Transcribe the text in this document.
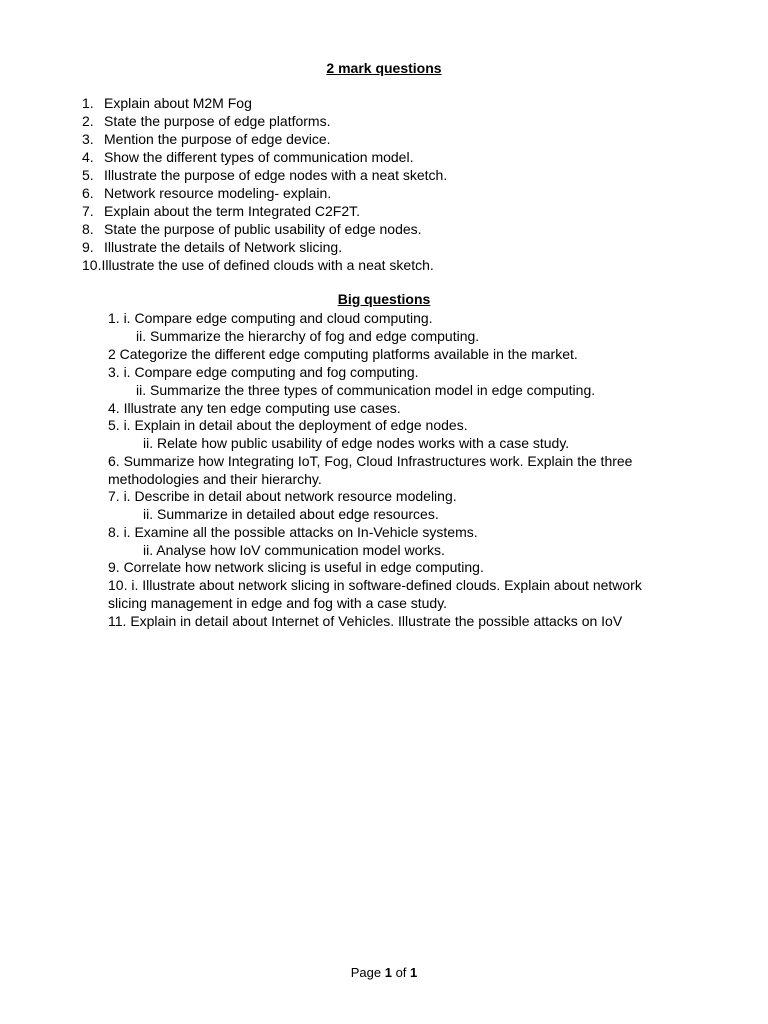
2 mark questions
1. Explain about M2M Fog
2. State the purpose of edge platforms.
3. Mention the purpose of edge device.
4. Show the different types of communication model.
5. Illustrate the purpose of edge nodes with a neat sketch.
6. Network resource modeling- explain.
7. Explain about the term Integrated C2F2T.
8. State the purpose of public usability of edge nodes.
9. Illustrate the details of Network slicing.
10.Illustrate the use of defined clouds with a neat sketch.
Big questions
1. i. Compare edge computing and cloud computing.
ii. Summarize the hierarchy of fog and edge computing.
2 Categorize the different edge computing platforms available in the market.
3. i. Compare edge computing and fog computing.
ii. Summarize the three types of communication model in edge computing.
4. Illustrate any ten edge computing use cases.
5. i. Explain in detail about the deployment of edge nodes.
ii. Relate how public usability of edge nodes works with a case study.
6. Summarize how Integrating IoT, Fog, Cloud Infrastructures work. Explain the three
methodologies and their hierarchy.
7. i. Describe in detail about network resource modeling.
ii. Summarize in detailed about edge resources.
8. i. Examine all the possible attacks on In-Vehicle systems.
ii. Analyse how IoV communication model works.
9. Correlate how network slicing is useful in edge computing.
10. i. Illustrate about network slicing in software-defined clouds. Explain about network
slicing management in edge and fog with a case study.
11. Explain in detail about Internet of Vehicles. Illustrate the possible attacks on IoV
Page 1 of 1
